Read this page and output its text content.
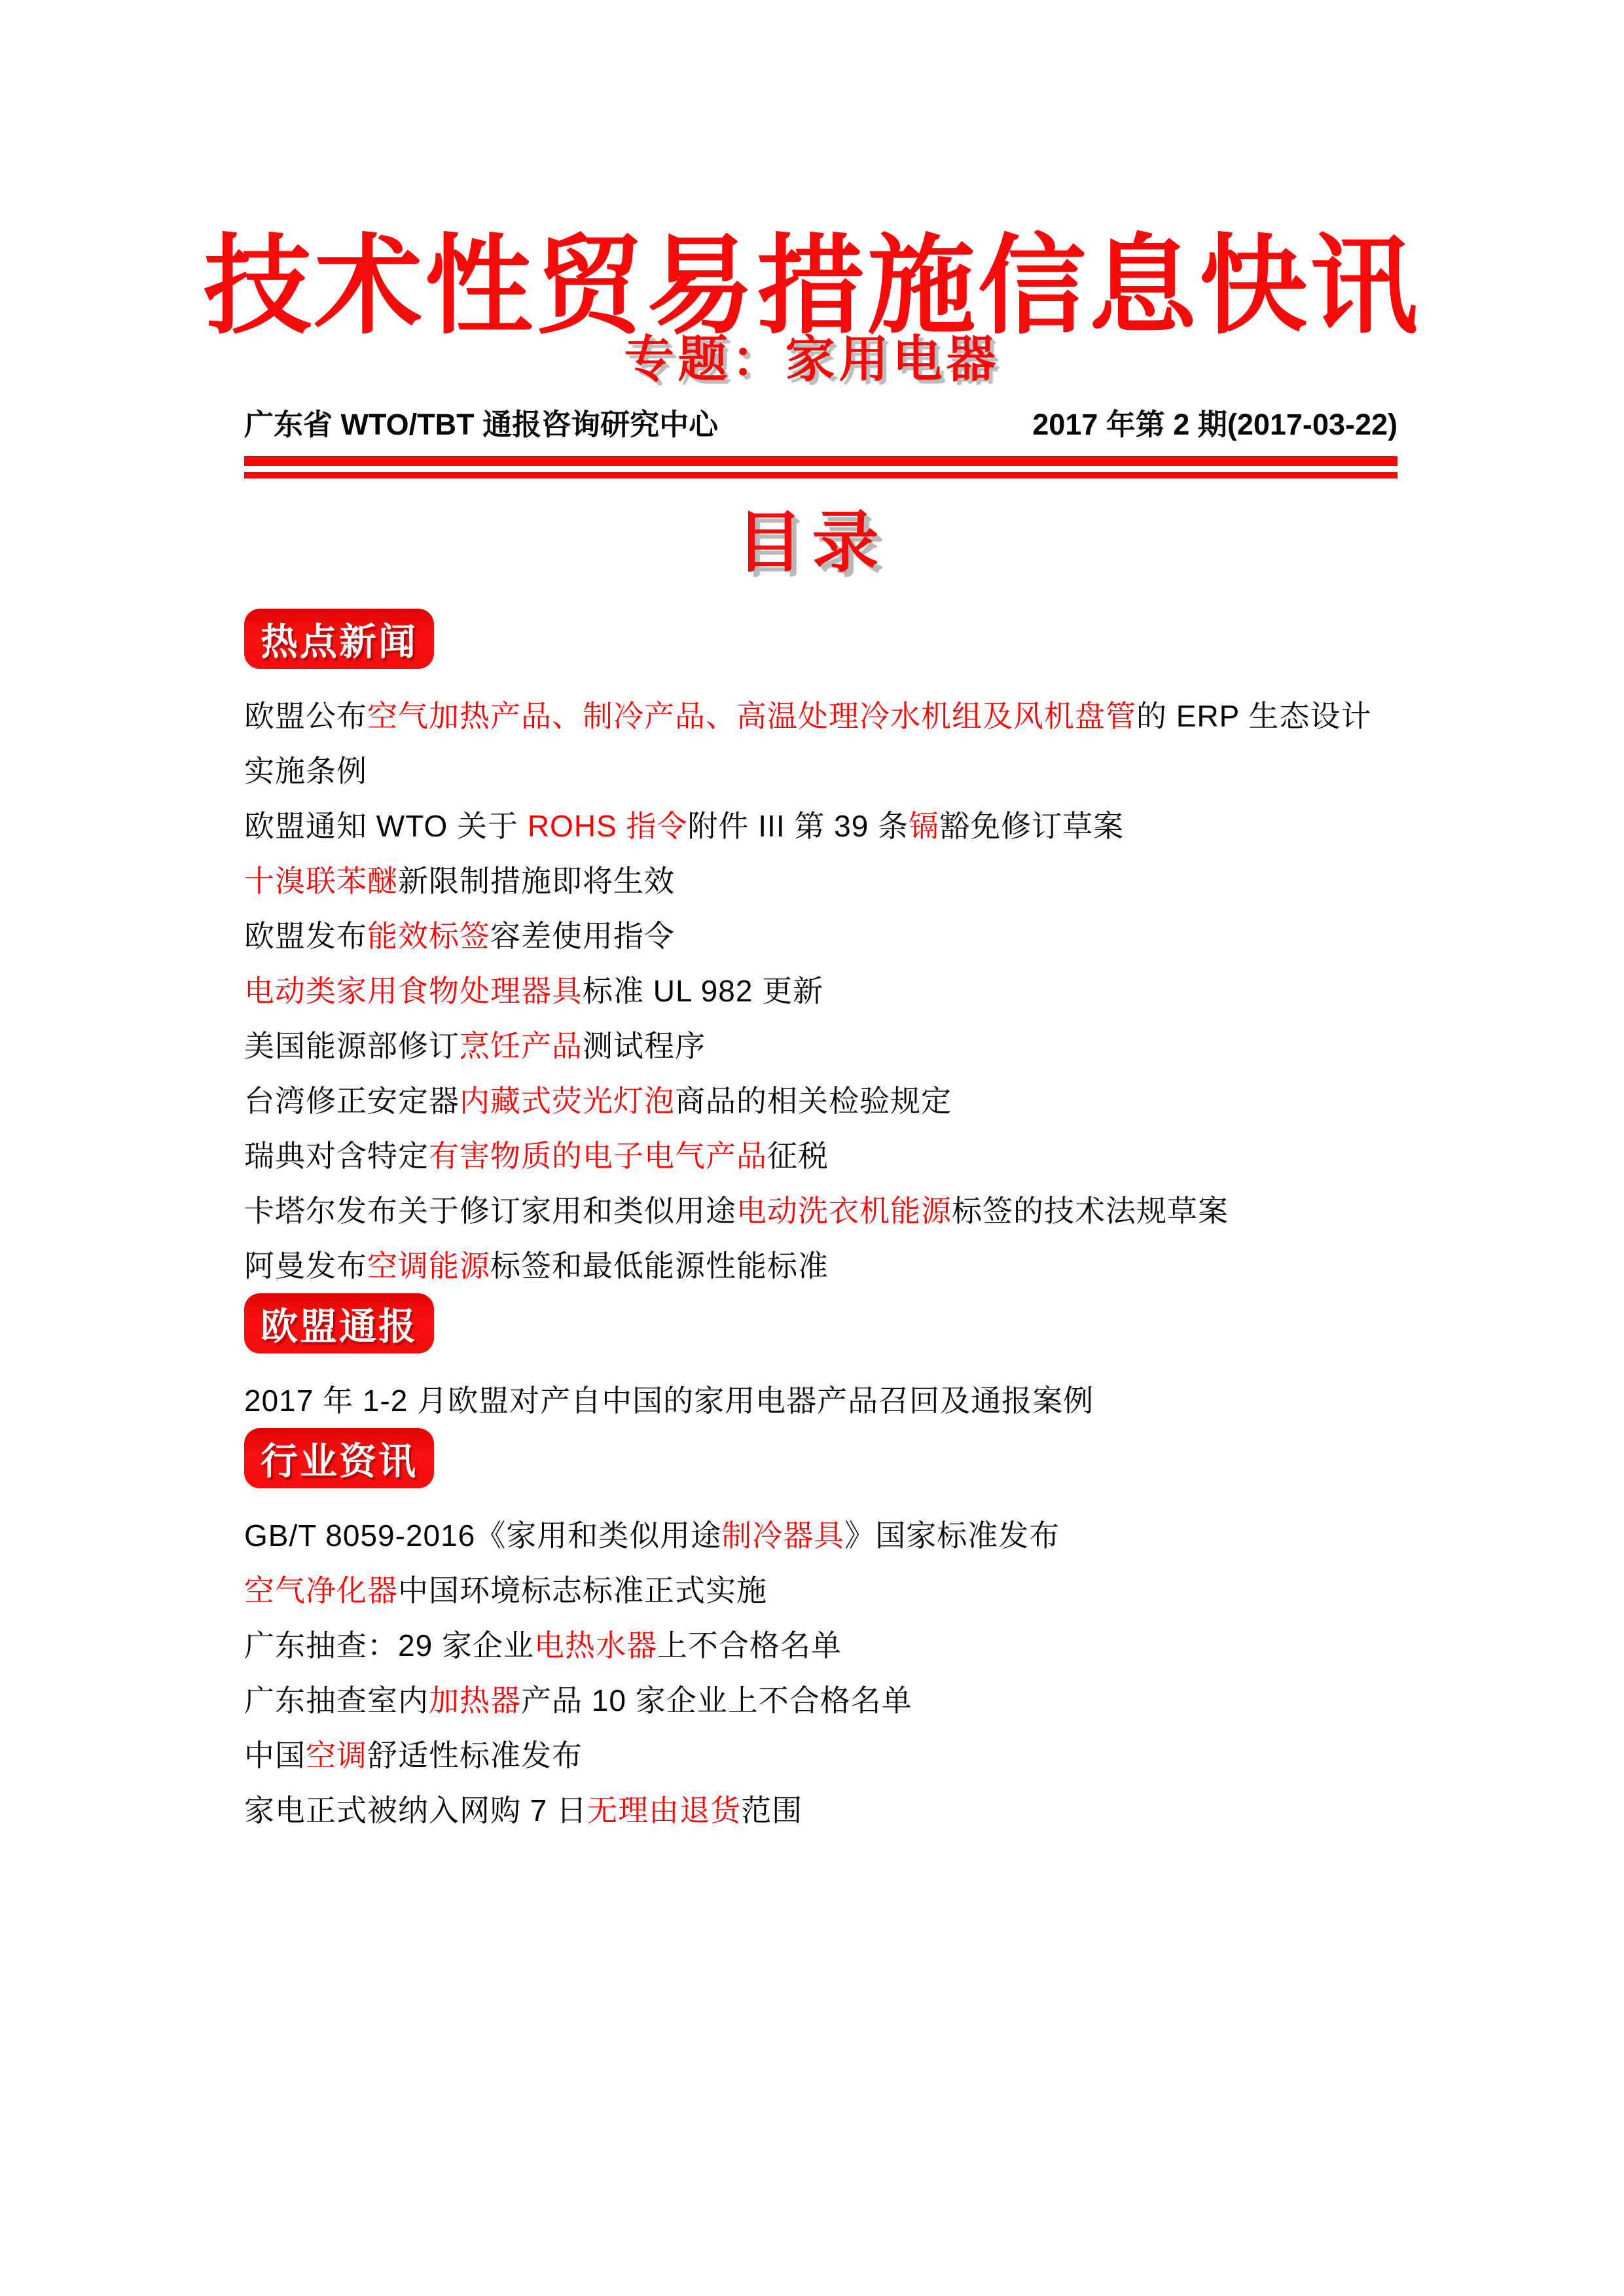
技术性贸易措施信息快讯
专题：家用电器
广东省 WTO/TBT 通报咨询研究中心	2017 年第 2 期(2017-03-22)
目录
热点新闻
欧盟公布空气加热产品、制冷产品、高温处理冷水机组及风机盘管的 ERP 生态设计实施条例
欧盟通知 WTO 关于 ROHS 指令附件 III 第 39 条镉豁免修订草案
十溴联苯醚新限制措施即将生效
欧盟发布能效标签容差使用指令
电动类家用食物处理器具标准 UL 982 更新
美国能源部修订烹饪产品测试程序
台湾修正安定器内藏式荧光灯泡商品的相关检验规定
瑞典对含特定有害物质的电子电气产品征税
卡塔尔发布关于修订家用和类似用途电动洗衣机能源标签的技术法规草案
阿曼发布空调能源标签和最低能源性能标准
欧盟通报
2017 年 1-2 月欧盟对产自中国的家用电器产品召回及通报案例
行业资讯
GB/T 8059-2016《家用和类似用途制冷器具》国家标准发布
空气净化器中国环境标志标准正式实施
广东抽查：29 家企业电热水器上不合格名单
广东抽查室内加热器产品 10 家企业上不合格名单
中国空调舒适性标准发布
家电正式被纳入网购 7 日无理由退货范围
